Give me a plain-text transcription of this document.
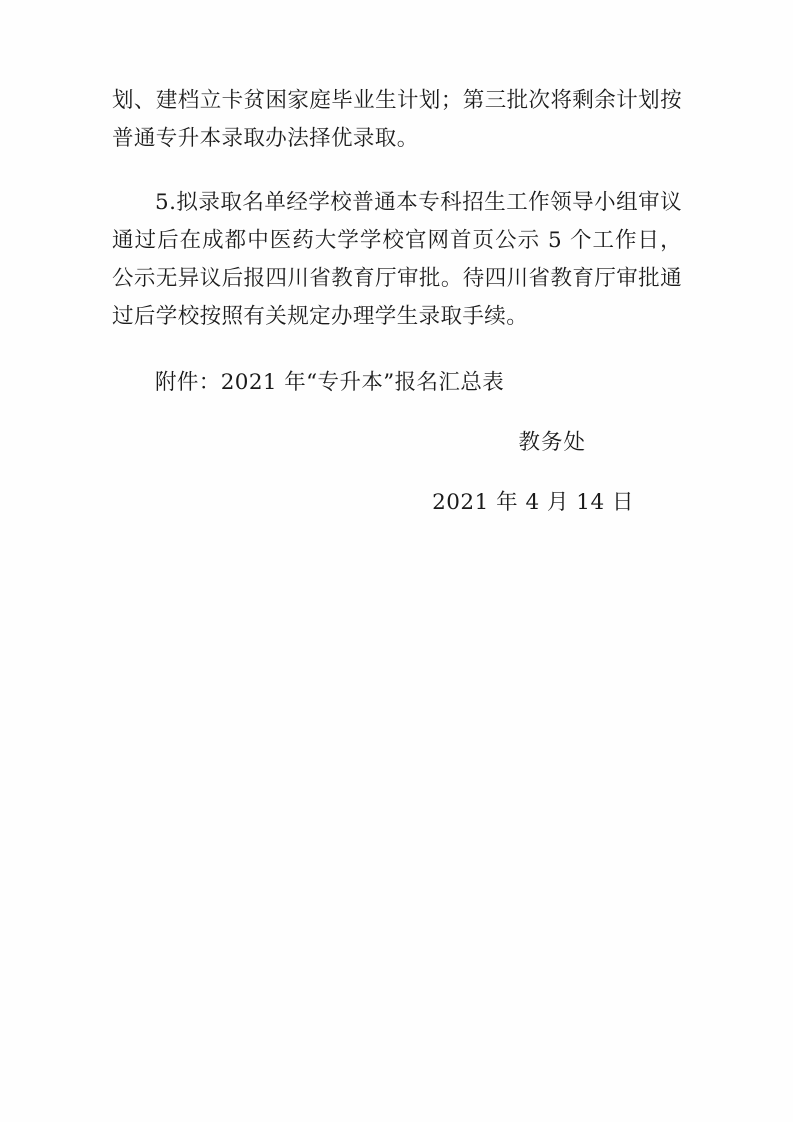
划、建档立卡贫困家庭毕业生计划；第三批次将剩余计划按普通专升本录取办法择优录取。

5.拟录取名单经学校普通本专科招生工作领导小组审议通过后在成都中医药大学学校官网首页公示 5 个工作日，公示无异议后报四川省教育厅审批。待四川省教育厅审批通过后学校按照有关规定办理学生录取手续。

附件：2021 年“专升本”报名汇总表

教务处

2021 年 4 月 14 日
